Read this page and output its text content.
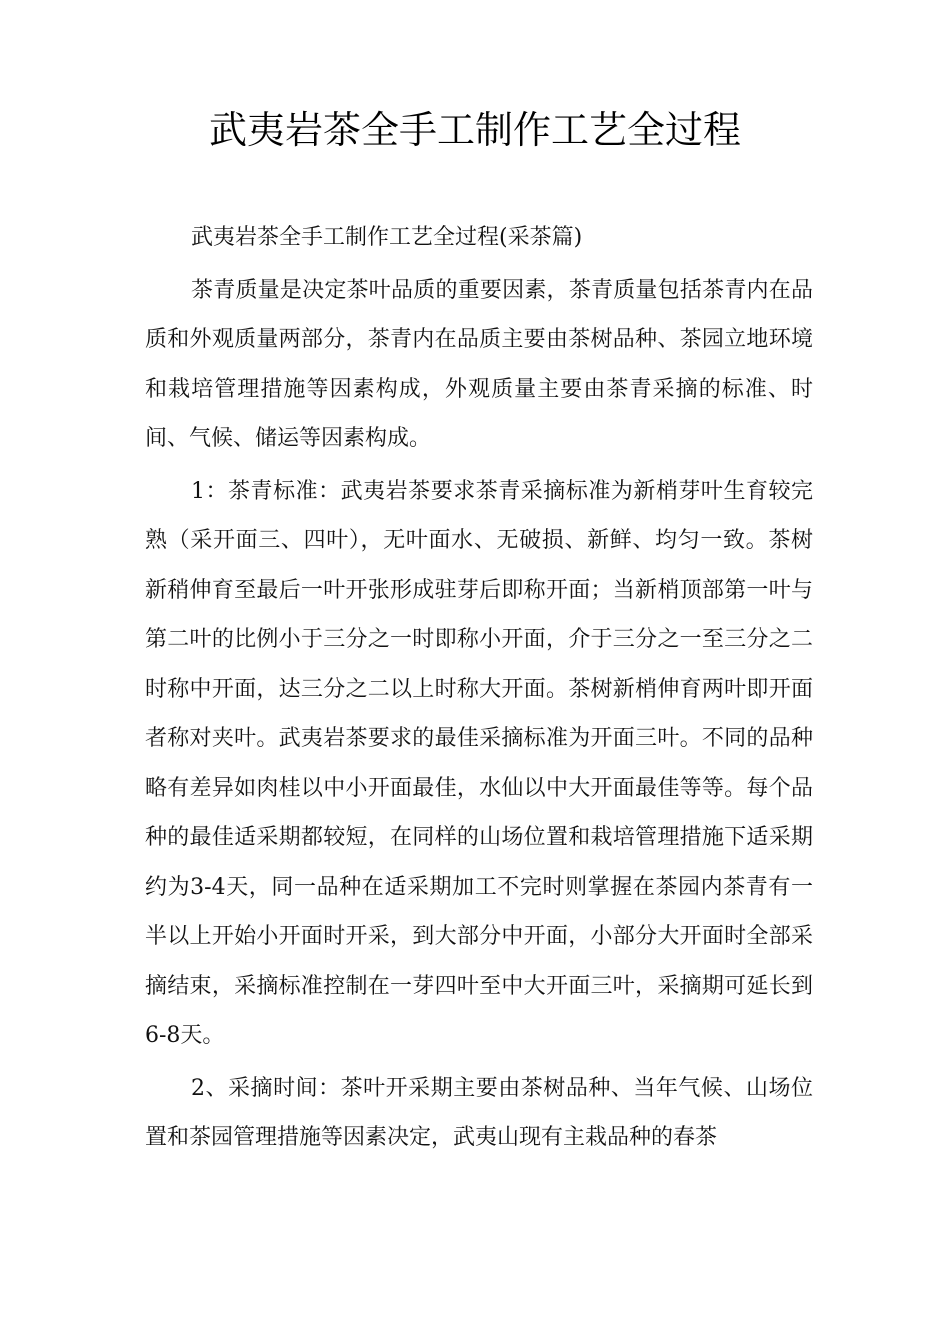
武夷岩茶全手工制作工艺全过程

武夷岩茶全手工制作工艺全过程(采茶篇)

茶青质量是决定茶叶品质的重要因素，茶青质量包括茶青内在品质和外观质量两部分，茶青内在品质主要由茶树品种、茶园立地环境和栽培管理措施等因素构成，外观质量主要由茶青采摘的标准、时间、气候、储运等因素构成。

1：茶青标准：武夷岩茶要求茶青采摘标准为新梢芽叶生育较完熟（采开面三、四叶），无叶面水、无破损、新鲜、均匀一致。茶树新稍伸育至最后一叶开张形成驻芽后即称开面；当新梢顶部第一叶与第二叶的比例小于三分之一时即称小开面，介于三分之一至三分之二时称中开面，达三分之二以上时称大开面。茶树新梢伸育两叶即开面者称对夹叶。武夷岩茶要求的最佳采摘标准为开面三叶。不同的品种略有差异如肉桂以中小开面最佳，水仙以中大开面最佳等等。每个品种的最佳适采期都较短，在同样的山场位置和栽培管理措施下适采期约为3-4天，同一品种在适采期加工不完时则掌握在茶园内茶青有一半以上开始小开面时开采，到大部分中开面，小部分大开面时全部采摘结束，采摘标准控制在一芽四叶至中大开面三叶，采摘期可延长到6-8天。

2、采摘时间：茶叶开采期主要由茶树品种、当年气候、山场位置和茶园管理措施等因素决定，武夷山现有主栽品种的春茶
